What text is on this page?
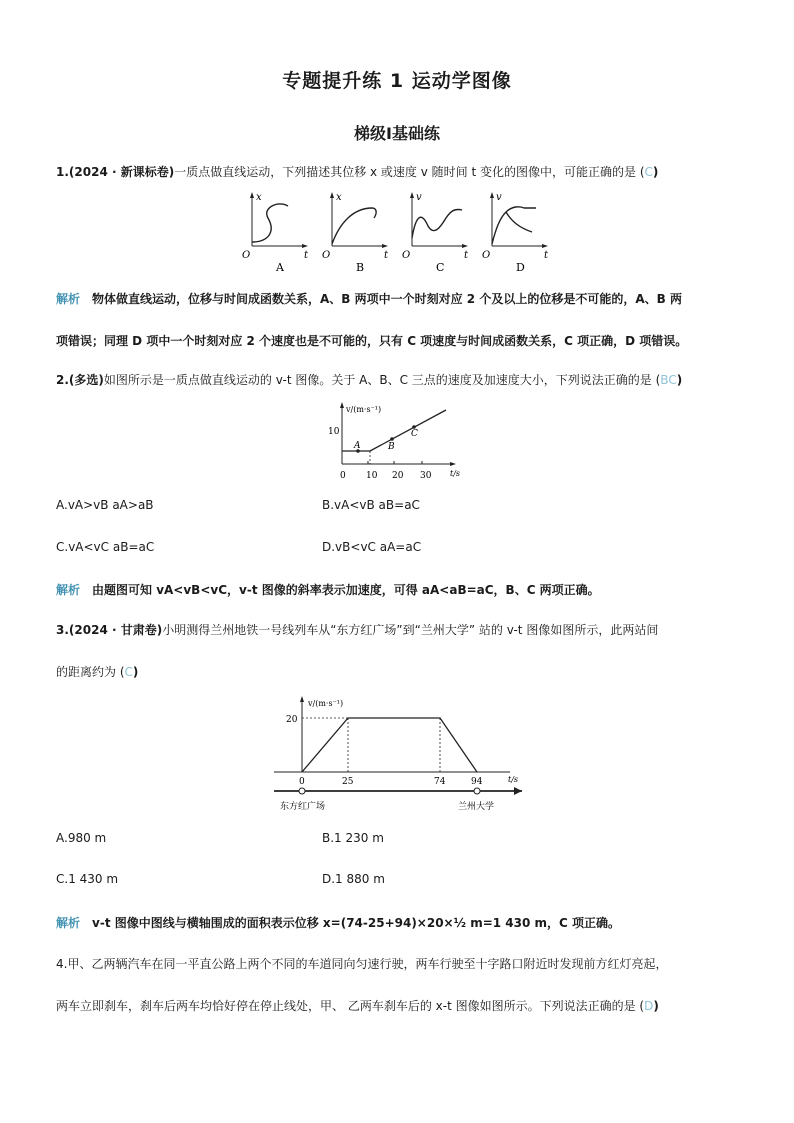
专题提升练 1 运动学图像
梯级Ⅰ基础练
1.(2024 · 新课标卷)一质点做直线运动，下列描述其位移 x 或速度 v 随时间 t 变化的图像中，可能正确的是 (C)
x
t
O
A
x
t
O
B
v
t
O
C
v
t
O
D
解析 物体做直线运动，位移与时间成函数关系，A、B 两项中一个时刻对应 2 个及以上的位移是不可能的，A、B 两
项错误；同理 D 项中一个时刻对应 2 个速度也是不可能的，只有 C 项速度与时间成函数关系，C 项正确，D 项错误。
2.(多选)如图所示是一质点做直线运动的 v-t 图像。关于 A、B、C 三点的速度及加速度大小，下列说法正确的是 (BC)
A	B
C
v/(m·s⁻¹)
t/s
10
0 10 20 30
A.vA>vB aA>aB	B.vA<vB aB=aC
C.vA<vC aB=aC	D.vB<vC aA=aC
解析 由题图可知 vA<vB<vC，v-t 图像的斜率表示加速度，可得 aA<aB=aC，B、C 两项正确。
3.(2024 · 甘肃卷)小明测得兰州地铁一号线列车从“东方红广场”到“兰州大学” 站的 v-t 图像如图所示，此两站间
的距离约为 (C)
v/(m·s⁻¹)
t/s
20
0	25	74	94
东方红广场	兰州大学
A.980 m	B.1 230 m
C.1 430 m	D.1 880 m
解析 v-t 图像中图线与横轴围成的面积表示位移 x=(74-25+94)×20×½ m=1 430 m，C 项正确。
4.甲、乙两辆汽车在同一平直公路上两个不同的车道同向匀速行驶，两车行驶至十字路口附近时发现前方红灯亮起，
两车立即刹车，刹车后两车均恰好停在停止线处，甲、 乙两车刹车后的 x-t 图像如图所示。下列说法正确的是 (D)
